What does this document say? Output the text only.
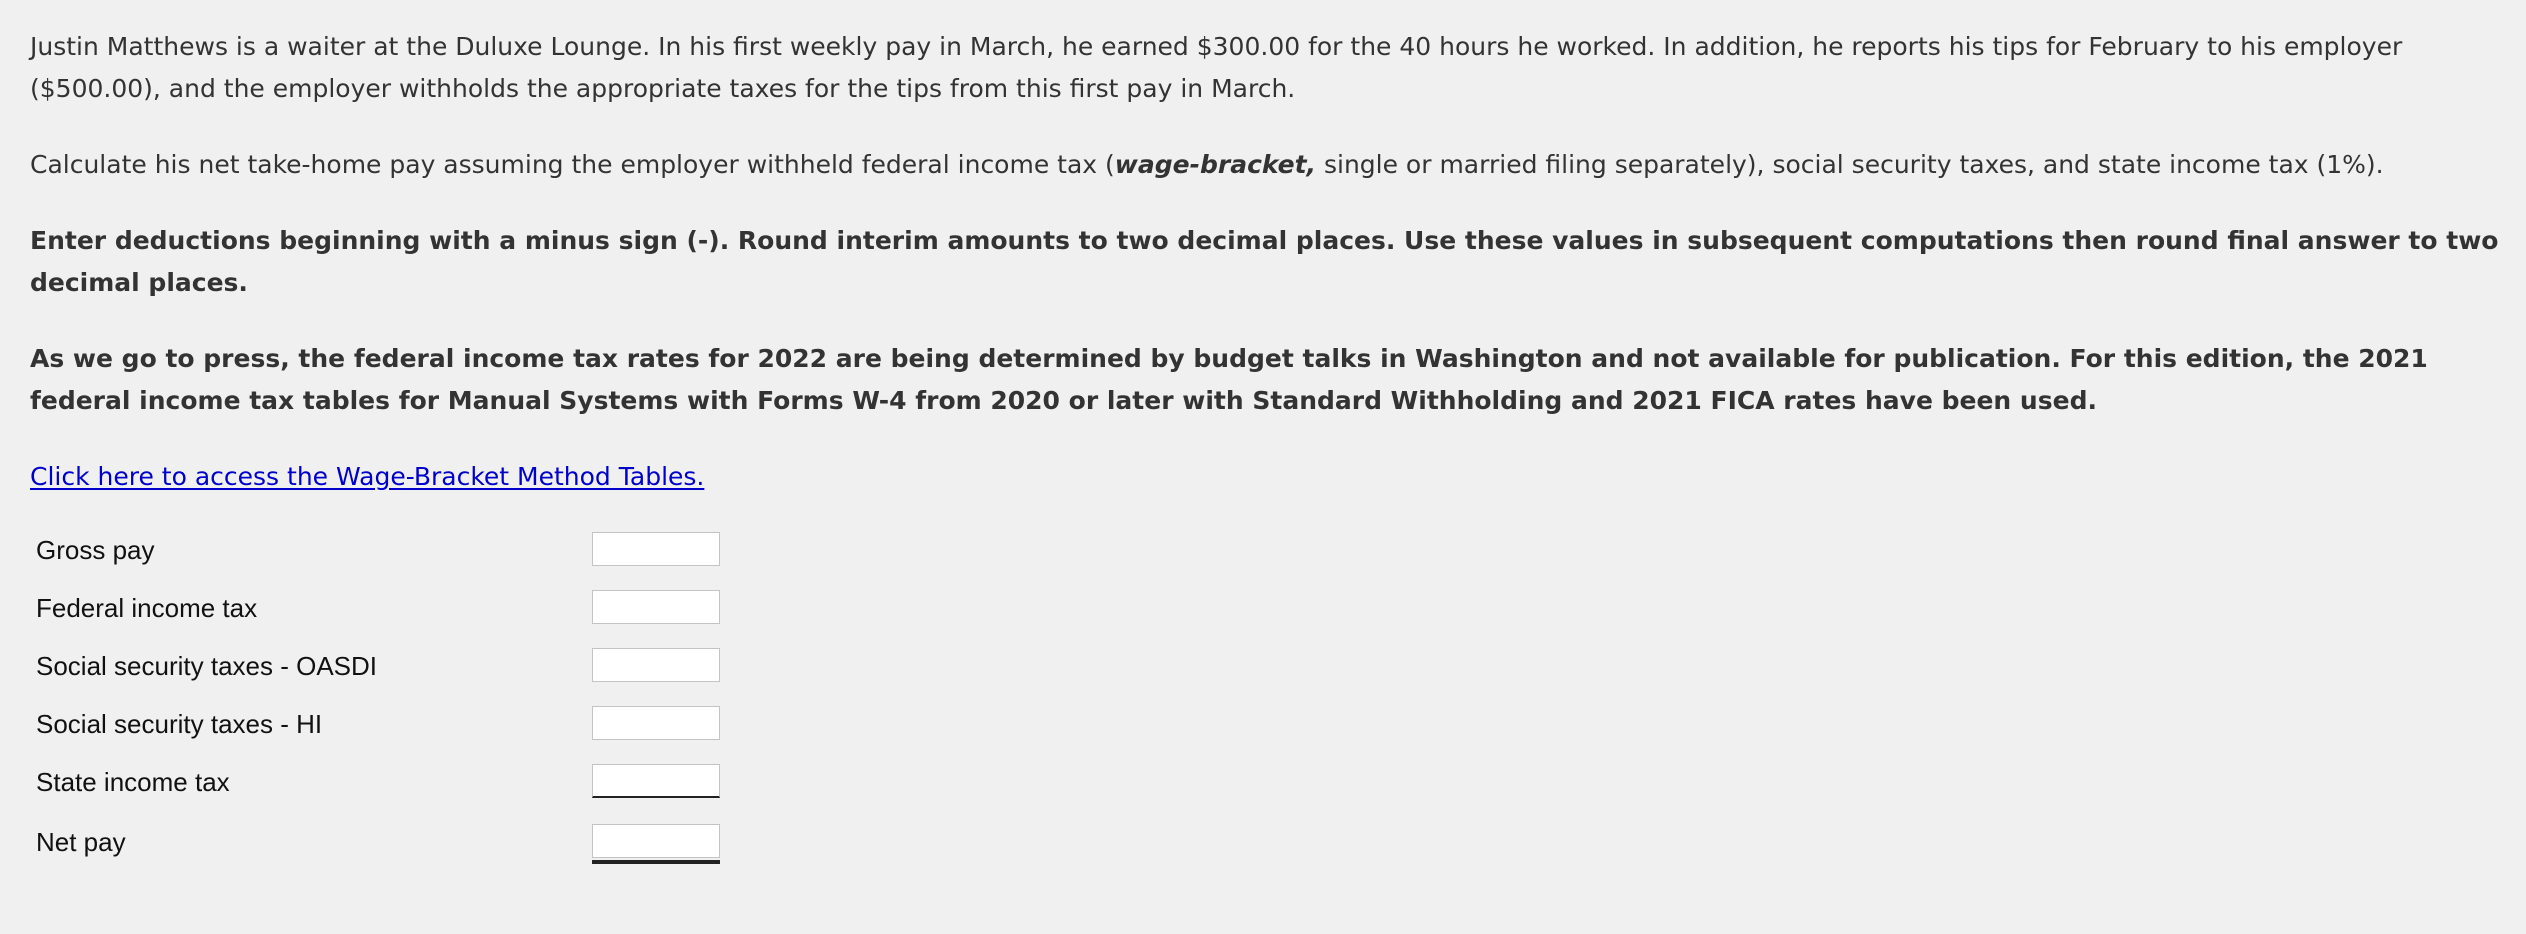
Justin Matthews is a waiter at the Duluxe Lounge. In his first weekly pay in March, he earned $300.00 for the 40 hours he worked. In addition, he reports his tips for February to his employer ($500.00), and the employer withholds the appropriate taxes for the tips from this first pay in March.

Calculate his net take-home pay assuming the employer withheld federal income tax (wage-bracket, single or married filing separately), social security taxes, and state income tax (1%).

Enter deductions beginning with a minus sign (-). Round interim amounts to two decimal places. Use these values in subsequent computations then round final answer to two decimal places.

As we go to press, the federal income tax rates for 2022 are being determined by budget talks in Washington and not available for publication. For this edition, the 2021 federal income tax tables for Manual Systems with Forms W-4 from 2020 or later with Standard Withholding and 2021 FICA rates have been used.

Click here to access the Wage-Bracket Method Tables.

Gross pay
Federal income tax
Social security taxes - OASDI
Social security taxes - HI
State income tax
Net pay
